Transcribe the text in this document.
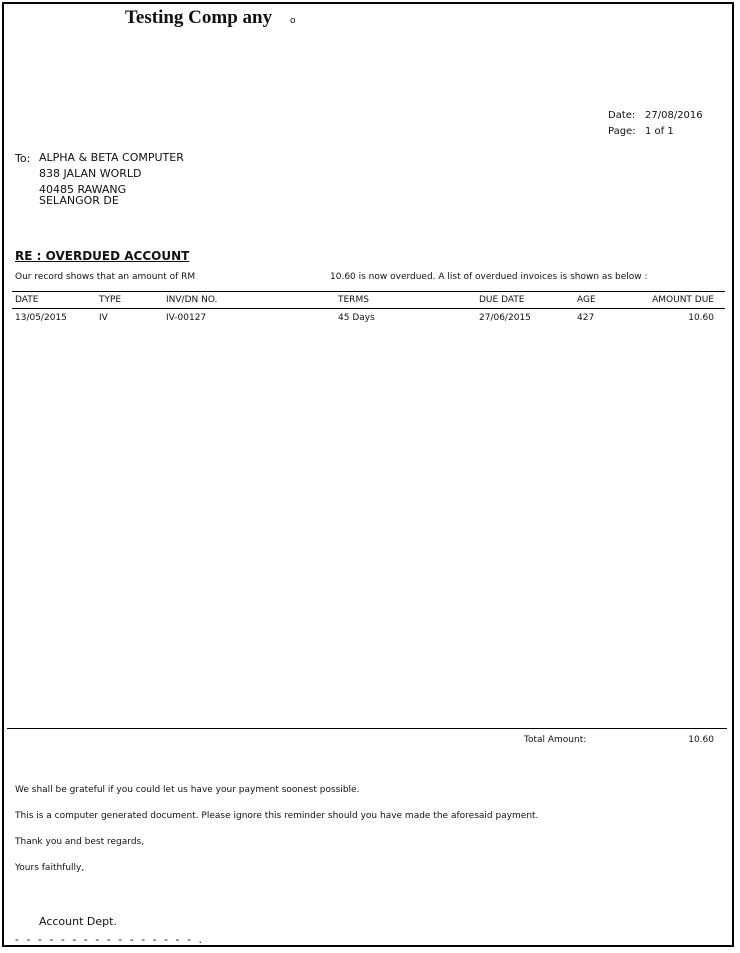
Testing Comp any o
Date: 27/08/2016
Page: 1 of 1
To: ALPHA & BETA COMPUTER
838 JALAN WORLD
40485 RAWANG
SELANGOR DE
RE : OVERDUED ACCOUNT
Our record shows that an amount of RM	10.60 is now overdued. A list of overdued invoices is shown as below :
DATE	TYPE	INV/DN NO.	TERMS	DUE DATE	AGE	AMOUNT DUE
13/05/2015	IV	IV-00127	45 Days	27/06/2015	427	10.60
Total Amount:	10.60
We shall be grateful if you could let us have your payment soonest possible.
This is a computer generated document. Please ignore this reminder should you have made the aforesaid payment.
Thank you and best regards,
Yours faithfully,
Account Dept.
- - - - - - - - - - - - - - - - .
